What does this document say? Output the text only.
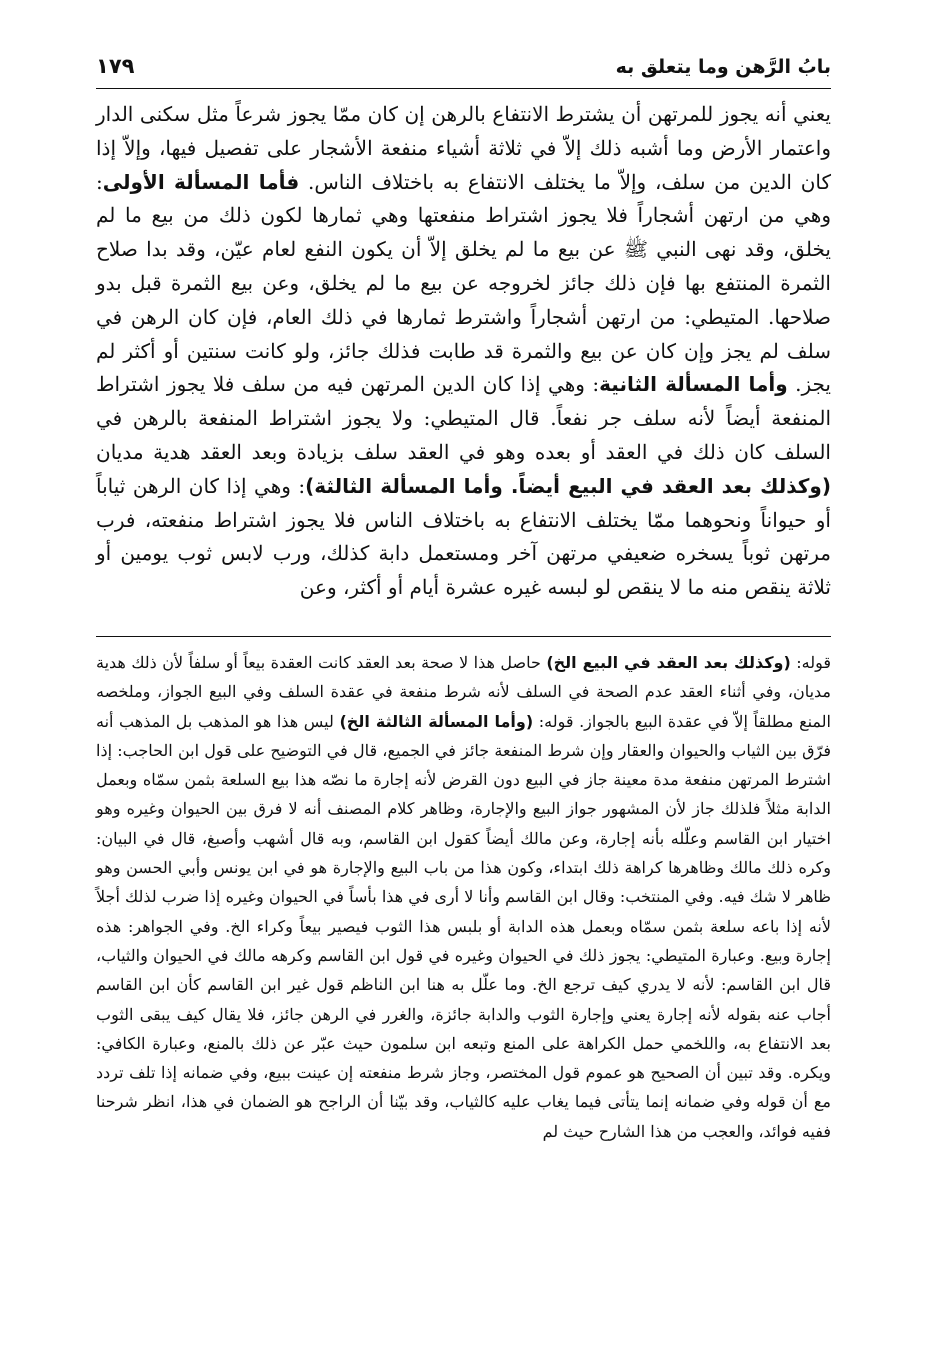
بابُ الرَّهن وما يتعلق به
١٧٩

يعني أنه يجوز للمرتهن أن يشترط الانتفاع بالرهن إن كان ممّا يجوز شرعاً مثل سكنى الدار واعتمار الأرض وما أشبه ذلك إلاّ في ثلاثة أشياء منفعة الأشجار على تفصيل فيها، وإلاّ إذا كان الدين من سلف، وإلاّ ما يختلف الانتفاع به باختلاف الناس. فأما المسألة الأولى: وهي من ارتهن أشجاراً فلا يجوز اشتراط منفعتها وهي ثمارها لكون ذلك من بيع ما لم يخلق، وقد نهى النبي ﷺ عن بيع ما لم يخلق إلاّ أن يكون النفع لعام عيّن، وقد بدا صلاح الثمرة المنتفع بها فإن ذلك جائز لخروجه عن بيع ما لم يخلق، وعن بيع الثمرة قبل بدو صلاحها. المتيطي: من ارتهن أشجاراً واشترط ثمارها في ذلك العام، فإن كان الرهن في سلف لم يجز وإن كان عن بيع والثمرة قد طابت فذلك جائز، ولو كانت سنتين أو أكثر لم يجز. وأما المسألة الثانية: وهي إذا كان الدين المرتهن فيه من سلف فلا يجوز اشتراط المنفعة أيضاً لأنه سلف جر نفعاً. قال المتيطي: ولا يجوز اشتراط المنفعة بالرهن في السلف كان ذلك في العقد أو بعده وهو في العقد سلف بزيادة وبعد العقد هدية مديان (وكذلك بعد العقد في البيع أيضاً. وأما المسألة الثالثة): وهي إذا كان الرهن ثياباً أو حيواناً ونحوهما ممّا يختلف الانتفاع به باختلاف الناس فلا يجوز اشتراط منفعته، فرب مرتهن ثوباً يسخره ضعيفي مرتهن آخر ومستعمل دابة كذلك، ورب لابس ثوب يومين أو ثلاثة ينقص منه ما لا ينقص لو لبسه غيره عشرة أيام أو أكثر، وعن

قوله: (وكذلك بعد العقد في البيع الخ) حاصل هذا لا صحة بعد العقد كانت العقدة بيعاً أو سلفاً لأن ذلك هدية مديان، وفي أثناء العقد عدم الصحة في السلف لأنه شرط منفعة في عقدة السلف وفي البيع الجواز، وملخصه المنع مطلقاً إلاّ في عقدة البيع بالجواز. قوله: (وأما المسألة الثالثة الخ) ليس هذا هو المذهب بل المذهب أنه فرّق بين الثياب والحيوان والعقار وإن شرط المنفعة جائز في الجميع، قال في التوضيح على قول ابن الحاجب: إذا اشترط المرتهن منفعة مدة معينة جاز في البيع دون القرض لأنه إجارة ما نصّه هذا بيع السلعة بثمن سمّاه وبعمل الدابة مثلاً فلذلك جاز لأن المشهور جواز البيع والإجارة، وظاهر كلام المصنف أنه لا فرق بين الحيوان وغيره وهو اختيار ابن القاسم وعلّله بأنه إجارة، وعن مالك أيضاً كقول ابن القاسم، وبه قال أشهب وأصبغ، قال في البيان: وكره ذلك مالك وظاهرها كراهة ذلك ابتداء، وكون هذا من باب البيع والإجارة هو في ابن يونس وأبي الحسن وهو ظاهر لا شك فيه. وفي المنتخب: وقال ابن القاسم وأنا لا أرى في هذا بأساً في الحيوان وغيره إذا ضرب لذلك أجلاً لأنه إذا باعه سلعة بثمن سمّاه وبعمل هذه الدابة أو بلبس هذا الثوب فيصير بيعاً وكراء الخ. وفي الجواهر: هذه إجارة وبيع. وعبارة المتيطي: يجوز ذلك في الحيوان وغيره في قول ابن القاسم وكرهه مالك في الحيوان والثياب، قال ابن القاسم: لأنه لا يدري كيف ترجع الخ. وما علّل به هنا ابن الناظم قول غير ابن القاسم كأن ابن القاسم أجاب عنه بقوله لأنه إجارة يعني وإجارة الثوب والدابة جائزة، والغرر في الرهن جائز، فلا يقال كيف يبقى الثوب بعد الانتفاع به، واللخمي حمل الكراهة على المنع وتبعه ابن سلمون حيث عبّر عن ذلك بالمنع، وعبارة الكافي: ويكره. وقد تبين أن الصحيح هو عموم قول المختصر، وجاز شرط منفعته إن عينت ببيع، وفي ضمانه إذا تلف تردد مع أن قوله وفي ضمانه إنما يتأتى فيما يغاب عليه كالثياب، وقد بيّنا أن الراجح هو الضمان في هذا، انظر شرحنا ففيه فوائد، والعجب من هذا الشارح حيث لم
